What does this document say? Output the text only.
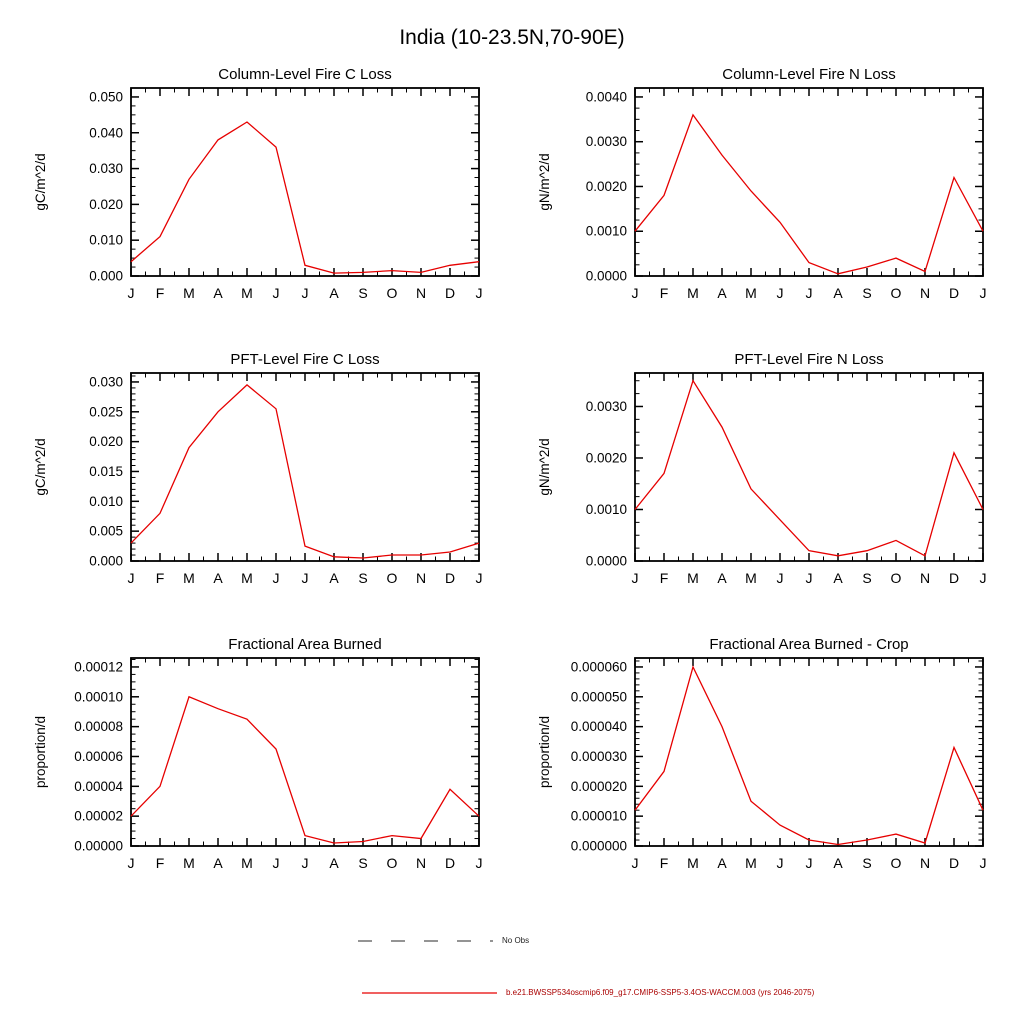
India (10-23.5N,70-90E)
Column-Level Fire C Loss
0.000
0.010
0.020
0.030
0.040
0.050
J F M A M J J A S O N D J
gC/m^2/d
Column-Level Fire N Loss
0.0000
0.0010
0.0020
0.0030
0.0040
J F M A M J J A S O N D J
gN/m^2/d
PFT-Level Fire C Loss
0.000
0.005
0.010
0.015
0.020
0.025
0.030
J F M A M J J A S O N D J
gC/m^2/d
PFT-Level Fire N Loss
0.0000
0.0010
0.0020
0.0030
J F M A M J J A S O N D J
gN/m^2/d
Fractional Area Burned
0.00000
0.00002
0.00004
0.00006
0.00008
0.00010
0.00012
J F M A M J J A S O N D J
proportion/d
Fractional Area Burned - Crop
0.000000
0.000010
0.000020
0.000030
0.000040
0.000050
0.000060
J F M A M J J A S O N D J
proportion/d
No Obs
b.e21.BWSSP534oscmip6.f09_g17.CMIP6-SSP5-3.4OS-WACCM.003 (yrs 2046-2075)
